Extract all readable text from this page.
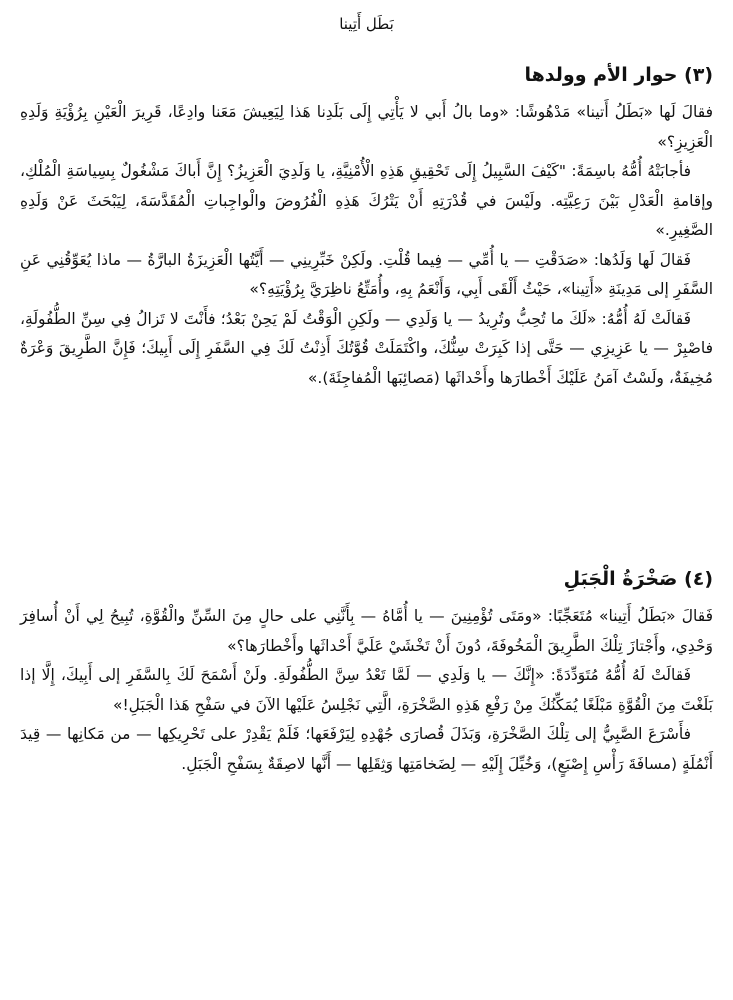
بَطَل أَتِينا
(٣) حوار الأم وولدها

فقالَ لَها «بَطَلُ أَتينا» مَدْهُوشًا: «وما بالُ أَبي لا يَأْتِي إِلَى بَلَدِنا هَذا لِيَعِيشَ مَعَنا وادِعًا، قَرِيرَ الْعَيْنِ بِرُؤْيَةِ وَلَدِهِ الْعَزِيزِ؟»

فأجابَتْهُ أُمُّهُ باسِمَةً: "كَيْفَ السَّبِيلُ إِلَى تَحْقِيقِ هَذِهِ الْأُمْنِيَّةِ، يا وَلَدِيَ الْعَزِيزُ؟ إِنَّ أَباكَ مَشْغُولٌ بِسِياسَةِ الْمُلْكِ، وإقامةِ الْعَدْلِ بَيْنَ رَعِيَّتِه. ولَيْسَ في قُدْرَتِهِ أَنْ يَتْرُكَ هَذِهِ الْفُرُوضَ والْواجِباتِ الْمُقَدَّسَةَ، لِيَبْحَثَ عَنْ وَلَدِهِ الصَّغِيرِ.»

فَقالَ لَها وَلَدُها: «صَدَقْتِ — يا أُمِّي — فِيما قُلْتِ. ولَكِنْ خَبِّرِينِي — أَيَّتُها الْعَزِيزَةُ البارَّةُ — ماذا يُعَوِّقُنِي عَنِ السَّفَرِ إلى مَدِينَةِ «أَتِينا»، حَيْثُ أَلْقَى أَبِي، وَأَنْعَمُ بِهِ، وأُمَتِّعُ ناظِرَيَّ بِرُؤْيَتِهِ؟»

فَقالَتْ لَهُ أُمُّهُ: «لَكَ ما تُحِبُّ وتُرِيدُ — يا وَلَدِي — ولَكِنِ الْوَقْتُ لَمْ يَحِنْ بَعْدُ؛ فأَنْتَ لا تَزالُ فِي سِنِّ الطُّفُولَةِ، فاصْبِرْ — يا عَزِيزِي — حَتَّى إذا كَبِرَتْ سِنُّكَ، واكْتَمَلَتْ قُوَّتُكَ أَذِنْتُ لَكَ فِي السَّفَرِ إِلَى أَبِيكَ؛ فَإِنَّ الطَّرِيقَ وَعْرَةٌ مُخِيفَةٌ، ولَسْتُ آمَنُ عَلَيْكَ أَخْطارَها وأَحْداثَها (مَصائِبَها الْمُفاجِئَةَ).»

(٤) صَخْرَةُ الْجَبَلِ

فَقالَ «بَطَلُ أَتِينا» مُتَعَجِّبًا: «ومَتَى تُؤْمِنِينَ — يا أُمَّاهُ — بِأَنَّنِي على حالٍ مِنَ السِّنِّ والْقُوَّةِ، تُبِيحُ لِي أَنْ أُسافِرَ وَحْدِي، وأَجْتازَ تِلْكَ الطَّرِيقَ الْمَخُوفَةَ، دُونَ أَنْ تَخْشَيْ عَلَيَّ أَحْداثَها وأَخْطارَها؟»

فَقالَتْ لَهُ أُمُّهُ مُتَوَدِّدَةً: «إِنَّكَ — يا وَلَدِي — لَمَّا تَعْدُ سِنَّ الطُّفُولَةِ. ولَنْ أَسْمَحَ لَكَ بِالسَّفَرِ إلى أَبِيكَ، إِلَّا إذا بَلَغْتَ مِنَ الْقُوَّةِ مَبْلَغًا يُمَكِّنُكَ مِنْ رَفْعِ هَذِهِ الصَّخْرَةِ، الَّتِي نَجْلِسُ عَلَيْها الآنَ في سَفْحِ هَذا الْجَبَلِ!»

فأَسْرَعَ الصَّبِيُّ إلى تِلْكَ الصَّخْرَةِ، وَبَذَلَ قُصارَى جُهْدِهِ لِيَرْفَعَها؛ فَلَمْ يَقْدِرْ على تَحْرِيكِها — من مَكانِها — قِيدَ أَنْمُلَةٍ (مسافَةَ رَأْسِ إِصْبَعٍ)، وَخُيِّلَ إِلَيْهِ — لِضَخامَتِها وَثِقَلِها — أَنَّها لاصِقَةٌ بِسَفْحِ الْجَبَلِ.
